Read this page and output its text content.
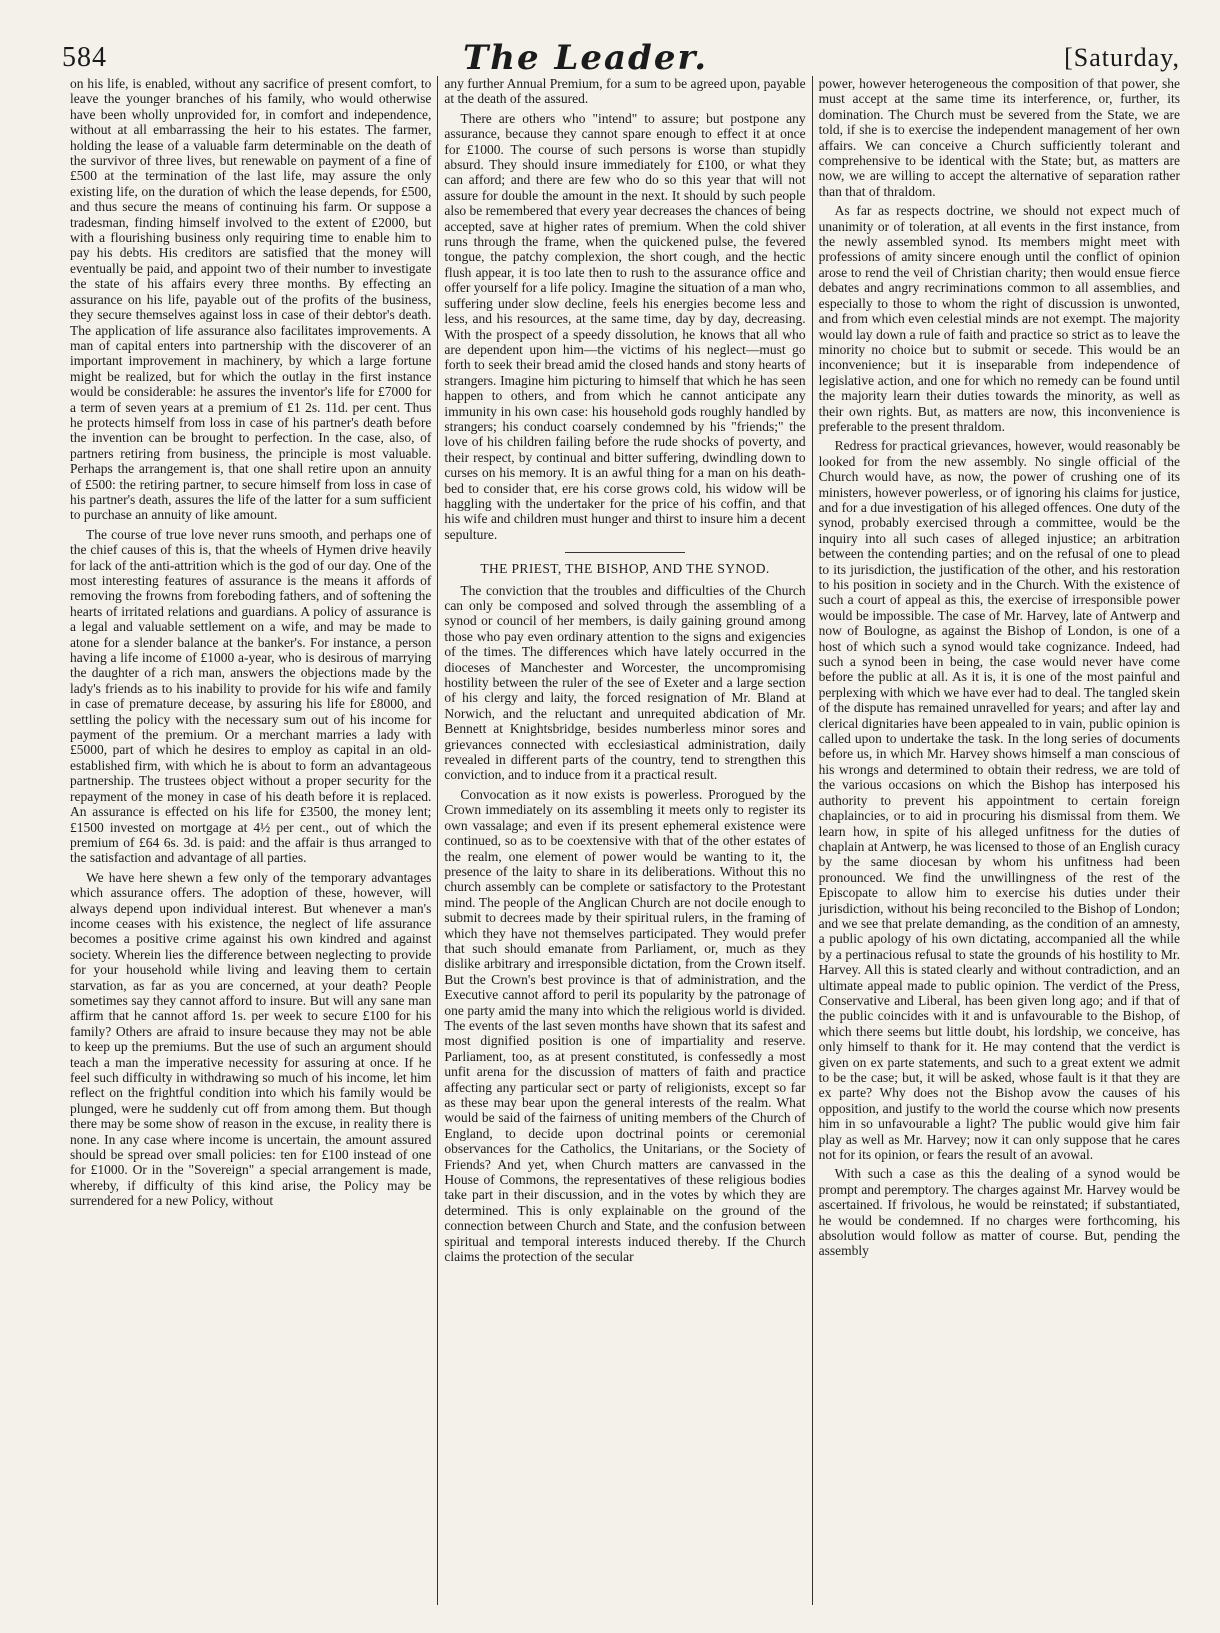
584	The Leader.	[Saturday,

on his life, is enabled, without any sacrifice of present comfort, to leave the younger branches of his family, who would otherwise have been wholly unprovided for, in comfort and independence, without at all embarrassing the heir to his estates. The farmer, holding the lease of a valuable farm determinable on the death of the survivor of three lives, but renewable on payment of a fine of £500 at the termination of the last life, may assure the only existing life, on the duration of which the lease depends, for £500, and thus secure the means of continuing his farm. Or suppose a tradesman, finding himself involved to the extent of £2000, but with a flourishing business only requiring time to enable him to pay his debts. His creditors are satisfied that the money will eventually be paid, and appoint two of their number to investigate the state of his affairs every three months. By effecting an assurance on his life, payable out of the profits of the business, they secure themselves against loss in case of their debtor's death. The application of life assurance also facilitates improvements. A man of capital enters into partnership with the discoverer of an important improvement in machinery, by which a large fortune might be realized, but for which the outlay in the first instance would be considerable: he assures the inventor's life for £7000 for a term of seven years at a premium of £1 2s. 11d. per cent. Thus he protects himself from loss in case of his partner's death before the invention can be brought to perfection. In the case, also, of partners retiring from business, the principle is most valuable. Perhaps the arrangement is, that one shall retire upon an annuity of £500: the retiring partner, to secure himself from loss in case of his partner's death, assures the life of the latter for a sum sufficient to purchase an annuity of like amount.

The course of true love never runs smooth, and perhaps one of the chief causes of this is, that the wheels of Hymen drive heavily for lack of the anti-attrition which is the god of our day. One of the most interesting features of assurance is the means it affords of removing the frowns from foreboding fathers, and of softening the hearts of irritated relations and guardians. A policy of assurance is a legal and valuable settlement on a wife, and may be made to atone for a slender balance at the banker's. For instance, a person having a life income of £1000 a-year, who is desirous of marrying the daughter of a rich man, answers the objections made by the lady's friends as to his inability to provide for his wife and family in case of premature decease, by assuring his life for £8000, and settling the policy with the necessary sum out of his income for payment of the premium. Or a merchant marries a lady with £5000, part of which he desires to employ as capital in an old-established firm, with which he is about to form an advantageous partnership. The trustees object without a proper security for the repayment of the money in case of his death before it is replaced. An assurance is effected on his life for £3500, the money lent; £1500 invested on mortgage at 4½ per cent., out of which the premium of £64 6s. 3d. is paid: and the affair is thus arranged to the satisfaction and advantage of all parties.

We have here shewn a few only of the temporary advantages which assurance offers. The adoption of these, however, will always depend upon individual interest. But whenever a man's income ceases with his existence, the neglect of life assurance becomes a positive crime against his own kindred and against society. Wherein lies the difference between neglecting to provide for your household while living and leaving them to certain starvation, as far as you are concerned, at your death? People sometimes say they cannot afford to insure. But will any sane man affirm that he cannot afford 1s. per week to secure £100 for his family? Others are afraid to insure because they may not be able to keep up the premiums. But the use of such an argument should teach a man the imperative necessity for assuring at once. If he feel such difficulty in withdrawing so much of his income, let him reflect on the frightful condition into which his family would be plunged, were he suddenly cut off from among them. But though there may be some show of reason in the excuse, in reality there is none. In any case where income is uncertain, the amount assured should be spread over small policies: ten for £100 instead of one for £1000. Or in the "Sovereign" a special arrangement is made, whereby, if difficulty of this kind arise, the Policy may be surrendered for a new Policy, without

any further Annual Premium, for a sum to be agreed upon, payable at the death of the assured.

There are others who "intend" to assure; but postpone any assurance, because they cannot spare enough to effect it at once for £1000. The course of such persons is worse than stupidly absurd. They should insure immediately for £100, or what they can afford; and there are few who do so this year that will not assure for double the amount in the next. It should by such people also be remembered that every year decreases the chances of being accepted, save at higher rates of premium. When the cold shiver runs through the frame, when the quickened pulse, the fevered tongue, the patchy complexion, the short cough, and the hectic flush appear, it is too late then to rush to the assurance office and offer yourself for a life policy. Imagine the situation of a man who, suffering under slow decline, feels his energies become less and less, and his resources, at the same time, day by day, decreasing. With the prospect of a speedy dissolution, he knows that all who are dependent upon him—the victims of his neglect—must go forth to seek their bread amid the closed hands and stony hearts of strangers. Imagine him picturing to himself that which he has seen happen to others, and from which he cannot anticipate any immunity in his own case: his household gods roughly handled by strangers; his conduct coarsely condemned by his "friends;" the love of his children failing before the rude shocks of poverty, and their respect, by continual and bitter suffering, dwindling down to curses on his memory. It is an awful thing for a man on his death-bed to consider that, ere his corse grows cold, his widow will be haggling with the undertaker for the price of his coffin, and that his wife and children must hunger and thirst to insure him a decent sepulture.

THE PRIEST, THE BISHOP, AND THE SYNOD.

The conviction that the troubles and difficulties of the Church can only be composed and solved through the assembling of a synod or council of her members, is daily gaining ground among those who pay even ordinary attention to the signs and exigencies of the times. The differences which have lately occurred in the dioceses of Manchester and Worcester, the uncompromising hostility between the ruler of the see of Exeter and a large section of his clergy and laity, the forced resignation of Mr. Bland at Norwich, and the reluctant and unrequited abdication of Mr. Bennett at Knightsbridge, besides numberless minor sores and grievances connected with ecclesiastical administration, daily revealed in different parts of the country, tend to strengthen this conviction, and to induce from it a practical result.

Convocation as it now exists is powerless. Prorogued by the Crown immediately on its assembling it meets only to register its own vassalage; and even if its present ephemeral existence were continued, so as to be coextensive with that of the other estates of the realm, one element of power would be wanting to it, the presence of the laity to share in its deliberations. Without this no church assembly can be complete or satisfactory to the Protestant mind. The people of the Anglican Church are not docile enough to submit to decrees made by their spiritual rulers, in the framing of which they have not themselves participated. They would prefer that such should emanate from Parliament, or, much as they dislike arbitrary and irresponsible dictation, from the Crown itself. But the Crown's best province is that of administration, and the Executive cannot afford to peril its popularity by the patronage of one party amid the many into which the religious world is divided. The events of the last seven months have shown that its safest and most dignified position is one of impartiality and reserve. Parliament, too, as at present constituted, is confessedly a most unfit arena for the discussion of matters of faith and practice affecting any particular sect or party of religionists, except so far as these may bear upon the general interests of the realm. What would be said of the fairness of uniting members of the Church of England, to decide upon doctrinal points or ceremonial observances for the Catholics, the Unitarians, or the Society of Friends? And yet, when Church matters are canvassed in the House of Commons, the representatives of these religious bodies take part in their discussion, and in the votes by which they are determined. This is only explainable on the ground of the connection between Church and State, and the confusion between spiritual and temporal interests induced thereby. If the Church claims the protection of the secular

power, however heterogeneous the composition of that power, she must accept at the same time its interference, or, further, its domination. The Church must be severed from the State, we are told, if she is to exercise the independent management of her own affairs. We can conceive a Church sufficiently tolerant and comprehensive to be identical with the State; but, as matters are now, we are willing to accept the alternative of separation rather than that of thraldom.

As far as respects doctrine, we should not expect much of unanimity or of toleration, at all events in the first instance, from the newly assembled synod. Its members might meet with professions of amity sincere enough until the conflict of opinion arose to rend the veil of Christian charity; then would ensue fierce debates and angry recriminations common to all assemblies, and especially to those to whom the right of discussion is unwonted, and from which even celestial minds are not exempt. The majority would lay down a rule of faith and practice so strict as to leave the minority no choice but to submit or secede. This would be an inconvenience; but it is inseparable from independence of legislative action, and one for which no remedy can be found until the majority learn their duties towards the minority, as well as their own rights. But, as matters are now, this inconvenience is preferable to the present thraldom.

Redress for practical grievances, however, would reasonably be looked for from the new assembly. No single official of the Church would have, as now, the power of crushing one of its ministers, however powerless, or of ignoring his claims for justice, and for a due investigation of his alleged offences. One duty of the synod, probably exercised through a committee, would be the inquiry into all such cases of alleged injustice; an arbitration between the contending parties; and on the refusal of one to plead to its jurisdiction, the justification of the other, and his restoration to his position in society and in the Church. With the existence of such a court of appeal as this, the exercise of irresponsible power would be impossible. The case of Mr. Harvey, late of Antwerp and now of Boulogne, as against the Bishop of London, is one of a host of which such a synod would take cognizance. Indeed, had such a synod been in being, the case would never have come before the public at all. As it is, it is one of the most painful and perplexing with which we have ever had to deal. The tangled skein of the dispute has remained unravelled for years; and after lay and clerical dignitaries have been appealed to in vain, public opinion is called upon to undertake the task. In the long series of documents before us, in which Mr. Harvey shows himself a man conscious of his wrongs and determined to obtain their redress, we are told of the various occasions on which the Bishop has interposed his authority to prevent his appointment to certain foreign chaplaincies, or to aid in procuring his dismissal from them. We learn how, in spite of his alleged unfitness for the duties of chaplain at Antwerp, he was licensed to those of an English curacy by the same diocesan by whom his unfitness had been pronounced. We find the unwillingness of the rest of the Episcopate to allow him to exercise his duties under their jurisdiction, without his being reconciled to the Bishop of London; and we see that prelate demanding, as the condition of an amnesty, a public apology of his own dictating, accompanied all the while by a pertinacious refusal to state the grounds of his hostility to Mr. Harvey. All this is stated clearly and without contradiction, and an ultimate appeal made to public opinion. The verdict of the Press, Conservative and Liberal, has been given long ago; and if that of the public coincides with it and is unfavourable to the Bishop, of which there seems but little doubt, his lordship, we conceive, has only himself to thank for it. He may contend that the verdict is given on ex parte statements, and such to a great extent we admit to be the case; but, it will be asked, whose fault is it that they are ex parte? Why does not the Bishop avow the causes of his opposition, and justify to the world the course which now presents him in so unfavourable a light? The public would give him fair play as well as Mr. Harvey; now it can only suppose that he cares not for its opinion, or fears the result of an avowal.

With such a case as this the dealing of a synod would be prompt and peremptory. The charges against Mr. Harvey would be ascertained. If frivolous, he would be reinstated; if substantiated, he would be condemned. If no charges were forthcoming, his absolution would follow as matter of course. But, pending the assembly
